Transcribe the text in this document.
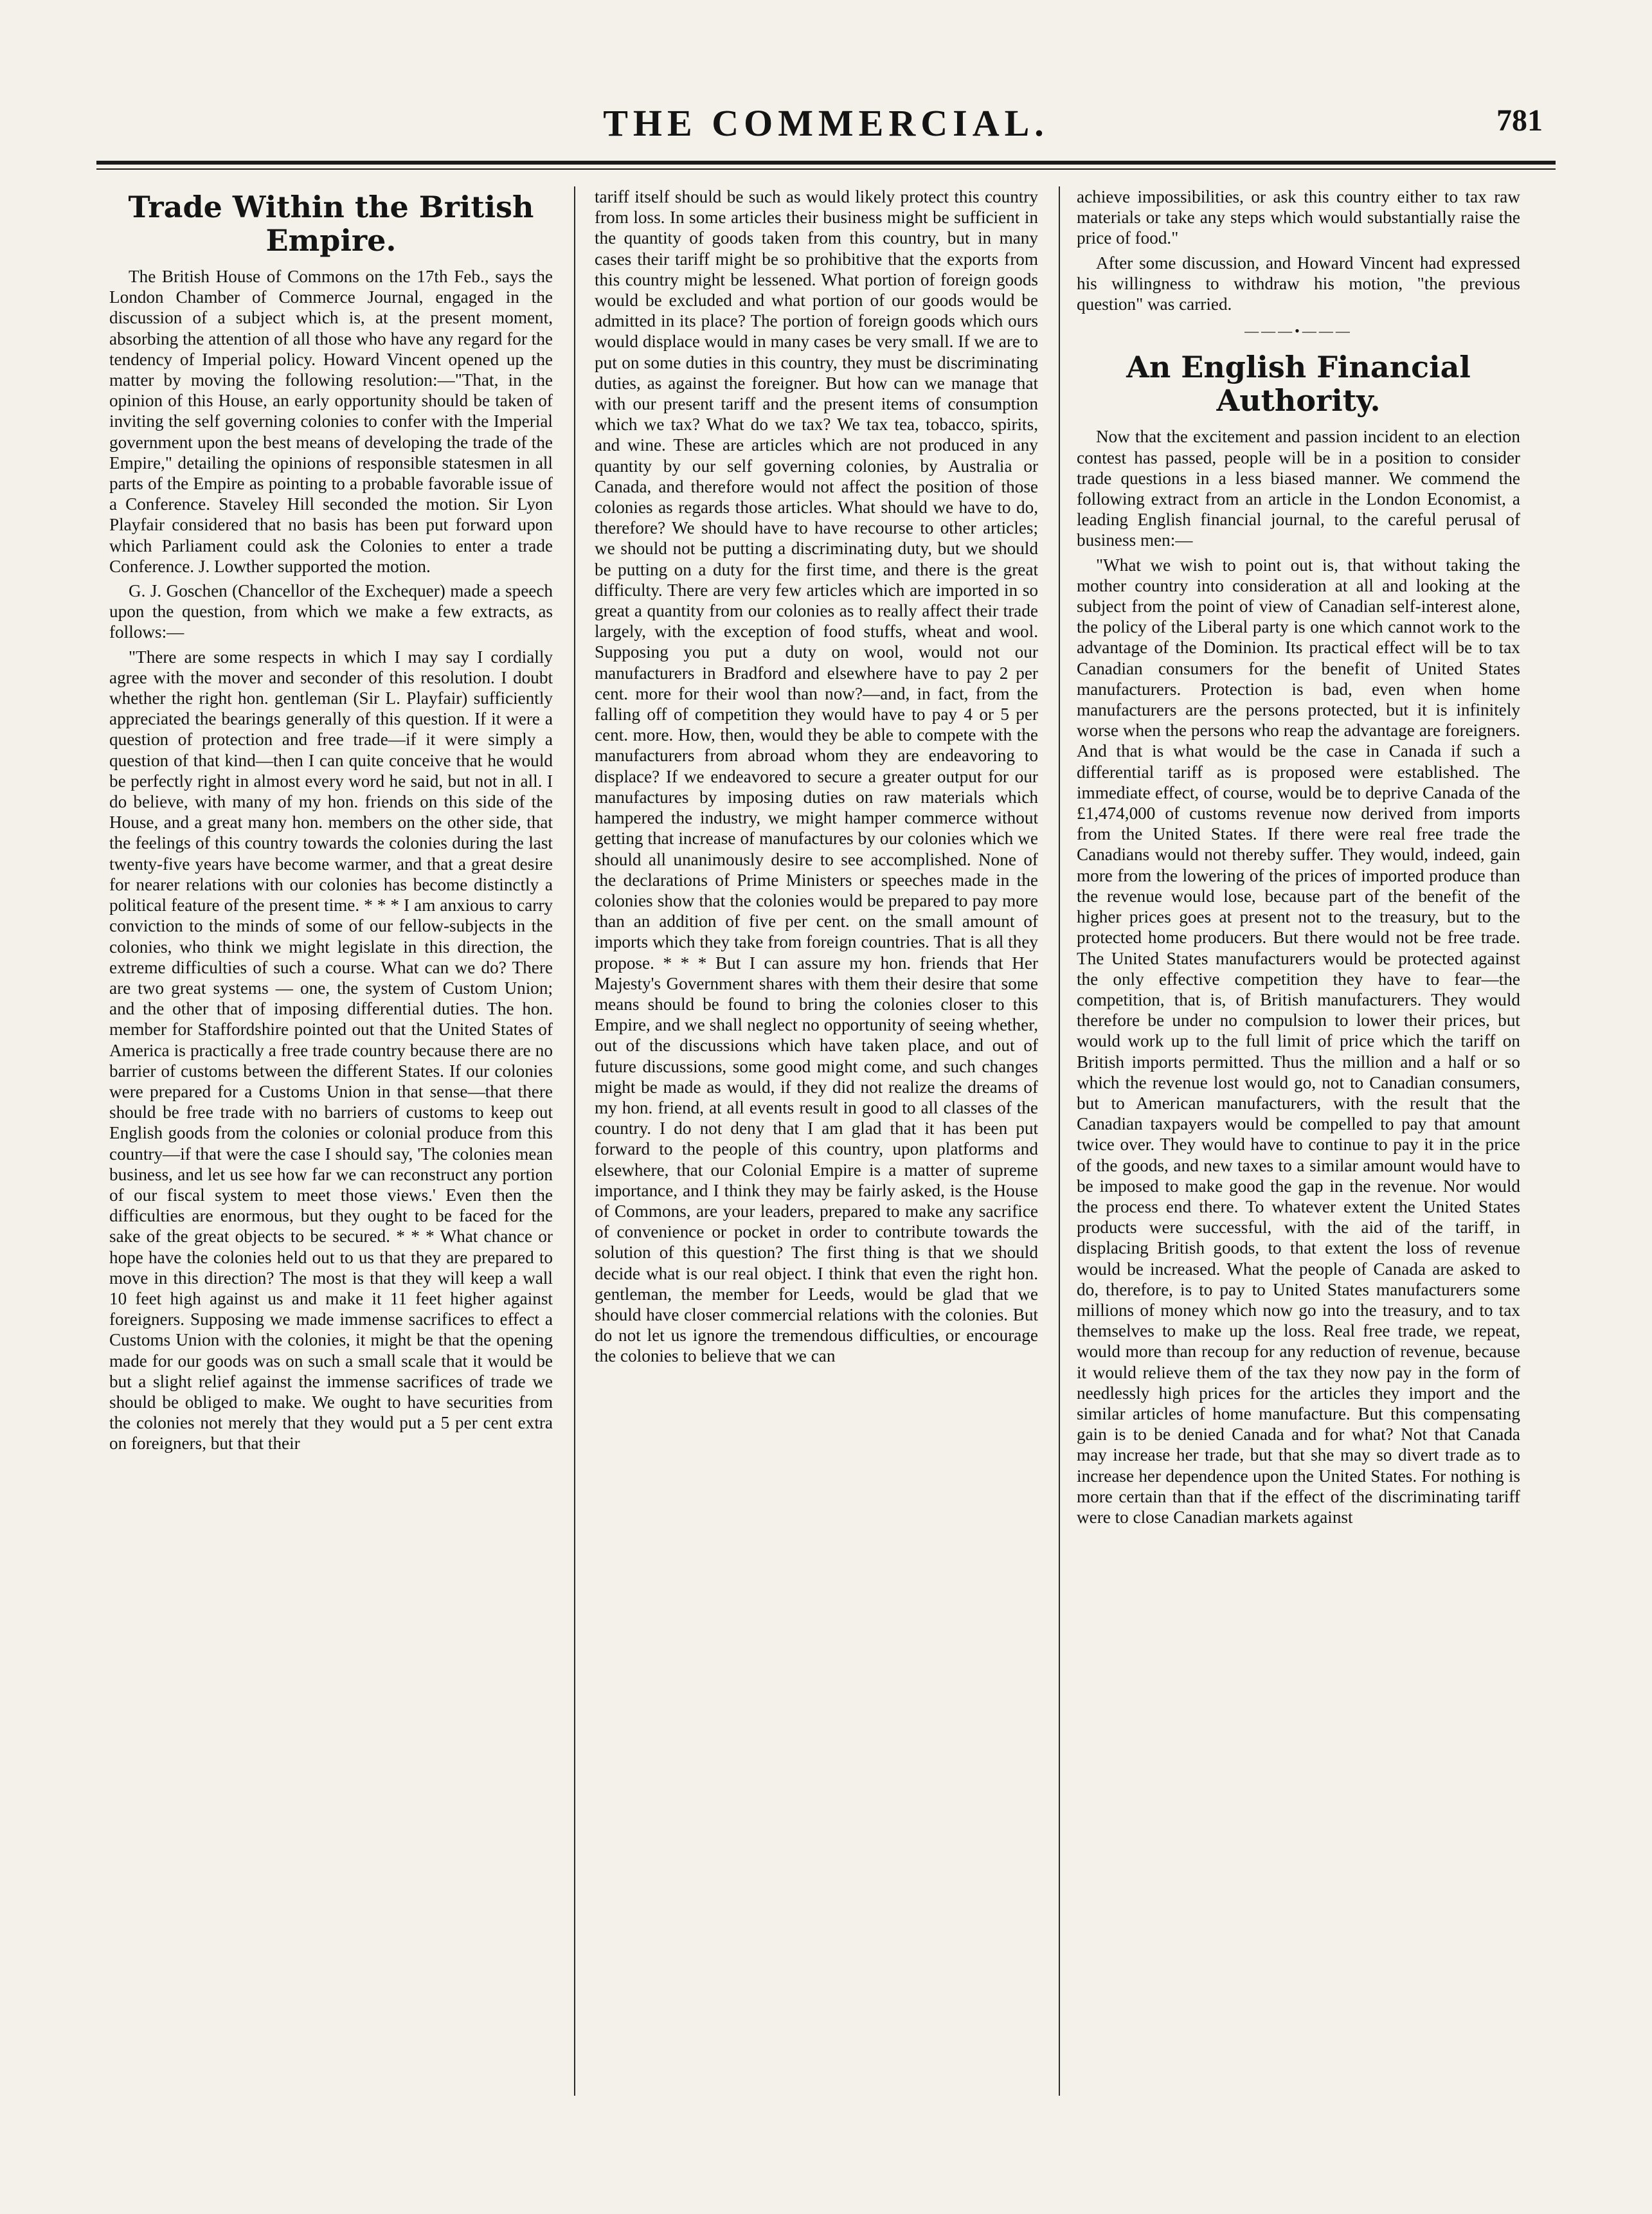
THE COMMERCIAL.	781
Trade Within the British Empire.

The British House of Commons on the 17th Feb., says the London Chamber of Commerce Journal, engaged in the discussion of a subject which is, at the present moment, absorbing the attention of all those who have any regard for the tendency of Imperial policy. Howard Vincent opened up the matter by moving the following resolution:—"That, in the opinion of this House, an early opportunity should be taken of inviting the self governing colonies to confer with the Imperial government upon the best means of developing the trade of the Empire," detailing the opinions of responsible statesmen in all parts of the Empire as pointing to a probable favorable issue of a Conference. Staveley Hill seconded the motion. Sir Lyon Playfair considered that no basis has been put forward upon which Parliament could ask the Colonies to enter a trade Conference. J. Lowther supported the motion.

G. J. Goschen (Chancellor of the Exchequer) made a speech upon the question, from which we make a few extracts, as follows:—

"There are some respects in which I may say I cordially agree with the mover and seconder of this resolution. I doubt whether the right hon. gentleman (Sir L. Playfair) sufficiently appreciated the bearings generally of this question. If it were a question of protection and free trade—if it were simply a question of that kind—then I can quite conceive that he would be perfectly right in almost every word he said, but not in all. I do believe, with many of my hon. friends on this side of the House, and a great many hon. members on the other side, that the feelings of this country towards the colonies during the last twenty-five years have become warmer, and that a great desire for nearer relations with our colonies has become distinctly a political feature of the present time. * * * I am anxious to carry conviction to the minds of some of our fellow-subjects in the colonies, who think we might legislate in this direction, the extreme difficulties of such a course. What can we do? There are two great systems — one, the system of Custom Union; and the other that of imposing differential duties. The hon. member for Staffordshire pointed out that the United States of America is practically a free trade country because there are no barrier of customs between the different States. If our colonies were prepared for a Customs Union in that sense—that there should be free trade with no barriers of customs to keep out English goods from the colonies or colonial produce from this country—if that were the case I should say, 'The colonies mean business, and let us see how far we can reconstruct any portion of our fiscal system to meet those views.' Even then the difficulties are enormous, but they ought to be faced for the sake of the great objects to be secured. * * * What chance or hope have the colonies held out to us that they are prepared to move in this direction? The most is that they will keep a wall 10 feet high against us and make it 11 feet higher against foreigners. Supposing we made immense sacrifices to effect a Customs Union with the colonies, it might be that the opening made for our goods was on such a small scale that it would be but a slight relief against the immense sacrifices of trade we should be obliged to make. We ought to have securities from the colonies not merely that they would put a 5 per cent extra on foreigners, but that their

tariff itself should be such as would likely protect this country from loss. In some articles their business might be sufficient in the quantity of goods taken from this country, but in many cases their tariff might be so prohibitive that the exports from this country might be lessened. What portion of foreign goods would be excluded and what portion of our goods would be admitted in its place? The portion of foreign goods which ours would displace would in many cases be very small. If we are to put on some duties in this country, they must be discriminating duties, as against the foreigner. But how can we manage that with our present tariff and the present items of consumption which we tax? What do we tax? We tax tea, tobacco, spirits, and wine. These are articles which are not produced in any quantity by our self governing colonies, by Australia or Canada, and therefore would not affect the position of those colonies as regards those articles. What should we have to do, therefore? We should have to have recourse to other articles; we should not be putting a discriminating duty, but we should be putting on a duty for the first time, and there is the great difficulty. There are very few articles which are imported in so great a quantity from our colonies as to really affect their trade largely, with the exception of food stuffs, wheat and wool. Supposing you put a duty on wool, would not our manufacturers in Bradford and elsewhere have to pay 2 per cent. more for their wool than now?—and, in fact, from the falling off of competition they would have to pay 4 or 5 per cent. more. How, then, would they be able to compete with the manufacturers from abroad whom they are endeavoring to displace? If we endeavored to secure a greater output for our manufactures by imposing duties on raw materials which hampered the industry, we might hamper commerce without getting that increase of manufactures by our colonies which we should all unanimously desire to see accomplished. None of the declarations of Prime Ministers or speeches made in the colonies show that the colonies would be prepared to pay more than an addition of five per cent. on the small amount of imports which they take from foreign countries. That is all they propose. * * * But I can assure my hon. friends that Her Majesty's Government shares with them their desire that some means should be found to bring the colonies closer to this Empire, and we shall neglect no opportunity of seeing whether, out of the discussions which have taken place, and out of future discussions, some good might come, and such changes might be made as would, if they did not realize the dreams of my hon. friend, at all events result in good to all classes of the country. I do not deny that I am glad that it has been put forward to the people of this country, upon platforms and elsewhere, that our Colonial Empire is a matter of supreme importance, and I think they may be fairly asked, is the House of Commons, are your leaders, prepared to make any sacrifice of convenience or pocket in order to contribute towards the solution of this question? The first thing is that we should decide what is our real object. I think that even the right hon. gentleman, the member for Leeds, would be glad that we should have closer commercial relations with the colonies. But do not let us ignore the tremendous difficulties, or encourage the colonies to believe that we can

achieve impossibilities, or ask this country either to tax raw materials or take any steps which would substantially raise the price of food."

After some discussion, and Howard Vincent had expressed his willingness to withdraw his motion, "the previous question" was carried.

———•———
An English Financial Authority.

Now that the excitement and passion incident to an election contest has passed, people will be in a position to consider trade questions in a less biased manner. We commend the following extract from an article in the London Economist, a leading English financial journal, to the careful perusal of business men:—

"What we wish to point out is, that without taking the mother country into consideration at all and looking at the subject from the point of view of Canadian self-interest alone, the policy of the Liberal party is one which cannot work to the advantage of the Dominion. Its practical effect will be to tax Canadian consumers for the benefit of United States manufacturers. Protection is bad, even when home manufacturers are the persons protected, but it is infinitely worse when the persons who reap the advantage are foreigners. And that is what would be the case in Canada if such a differential tariff as is proposed were established. The immediate effect, of course, would be to deprive Canada of the £1,474,000 of customs revenue now derived from imports from the United States. If there were real free trade the Canadians would not thereby suffer. They would, indeed, gain more from the lowering of the prices of imported produce than the revenue would lose, because part of the benefit of the higher prices goes at present not to the treasury, but to the protected home producers. But there would not be free trade. The United States manufacturers would be protected against the only effective competition they have to fear—the competition, that is, of British manufacturers. They would therefore be under no compulsion to lower their prices, but would work up to the full limit of price which the tariff on British imports permitted. Thus the million and a half or so which the revenue lost would go, not to Canadian consumers, but to American manufacturers, with the result that the Canadian taxpayers would be compelled to pay that amount twice over. They would have to continue to pay it in the price of the goods, and new taxes to a similar amount would have to be imposed to make good the gap in the revenue. Nor would the process end there. To whatever extent the United States products were successful, with the aid of the tariff, in displacing British goods, to that extent the loss of revenue would be increased. What the people of Canada are asked to do, therefore, is to pay to United States manufacturers some millions of money which now go into the treasury, and to tax themselves to make up the loss. Real free trade, we repeat, would more than recoup for any reduction of revenue, because it would relieve them of the tax they now pay in the form of needlessly high prices for the articles they import and the similar articles of home manufacture. But this compensating gain is to be denied Canada and for what? Not that Canada may increase her trade, but that she may so divert trade as to increase her dependence upon the United States. For nothing is more certain than that if the effect of the discriminating tariff were to close Canadian markets against
